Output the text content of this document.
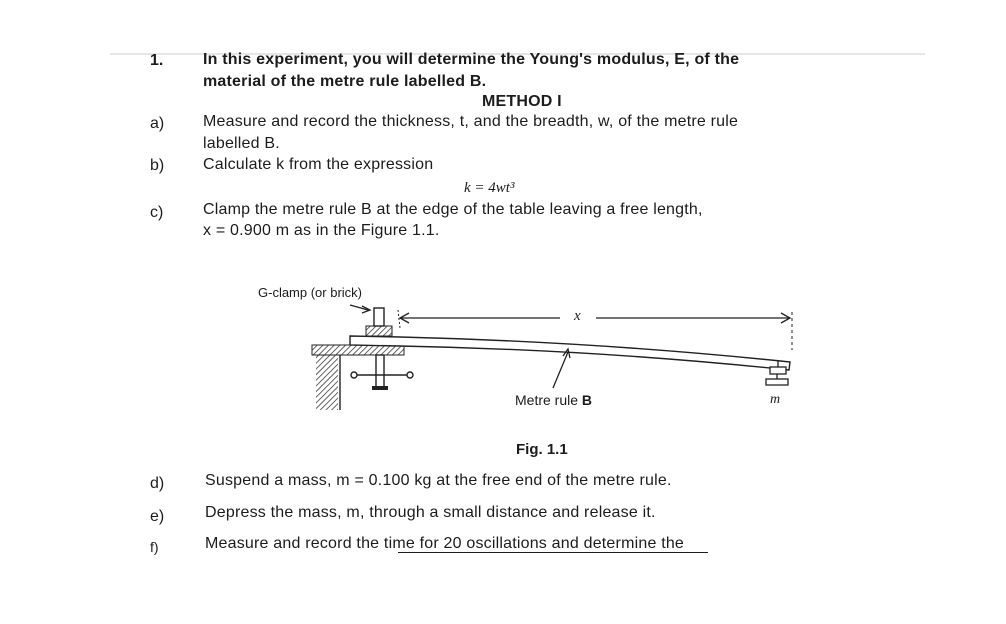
1. In this experiment, you will determine the Young's modulus, E, of the
material of the metre rule labelled B.
METHOD I
a) Measure and record the thickness, t, and the breadth, w, of the metre rule
labelled B.
b) Calculate k from the expression
k = 4wt³
c) Clamp the metre rule B at the edge of the table leaving a free length,
x = 0.900 m as in the Figure 1.1.
G-clamp (or brick)
x
Metre rule B	m
Fig. 1.1
d)	Suspend a mass, m = 0.100 kg at the free end of the metre rule.
e)	Depress the mass, m, through a small distance and release it.
f)	Measure and record the time for 20 oscillations and determine the
